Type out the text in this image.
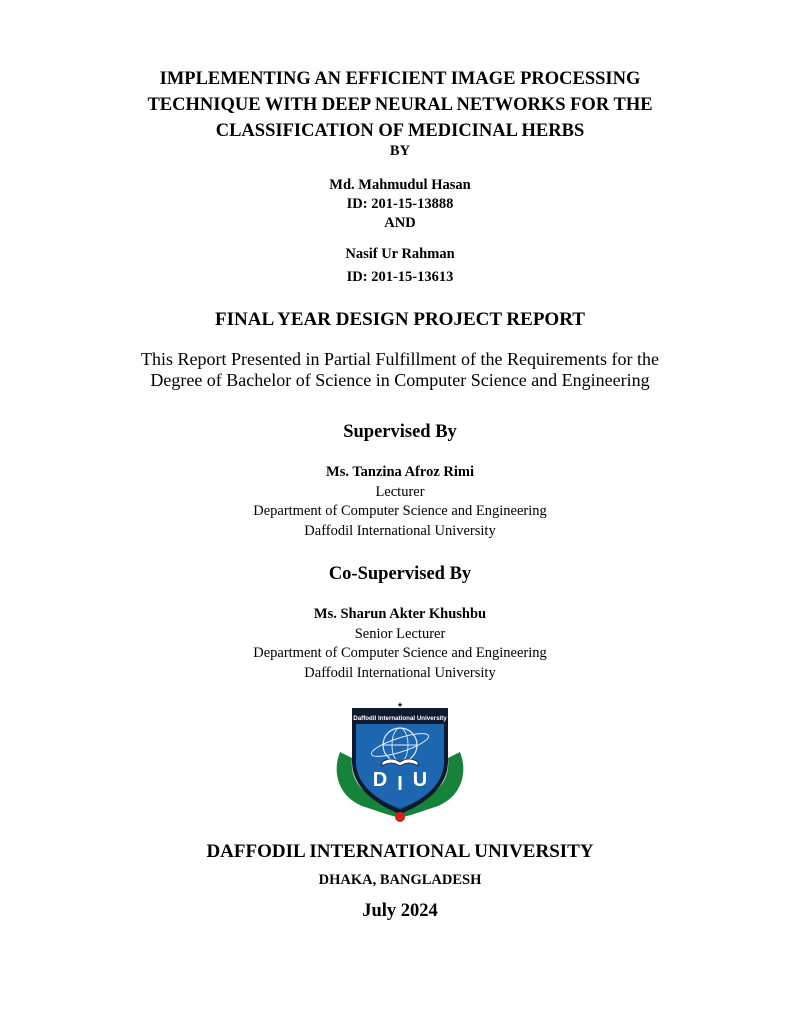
IMPLEMENTING AN EFFICIENT IMAGE PROCESSING
TECHNIQUE WITH DEEP NEURAL NETWORKS FOR THE
CLASSIFICATION OF MEDICINAL HERBS
BY
Md. Mahmudul Hasan
ID: 201-15-13888
AND
Nasif Ur Rahman
ID: 201-15-13613
FINAL YEAR DESIGN PROJECT REPORT
This Report Presented in Partial Fulfillment of the Requirements for the
Degree of Bachelor of Science in Computer Science and Engineering
Supervised By
Ms. Tanzina Afroz Rimi
Lecturer
Department of Computer Science and Engineering
Daffodil International University
Co-Supervised By
Ms. Sharun Akter Khushbu
Senior Lecturer
Department of Computer Science and Engineering
Daffodil International University
Daffodil International University
★
D I U
DAFFODIL INTERNATIONAL UNIVERSITY
DHAKA, BANGLADESH
July 2024
